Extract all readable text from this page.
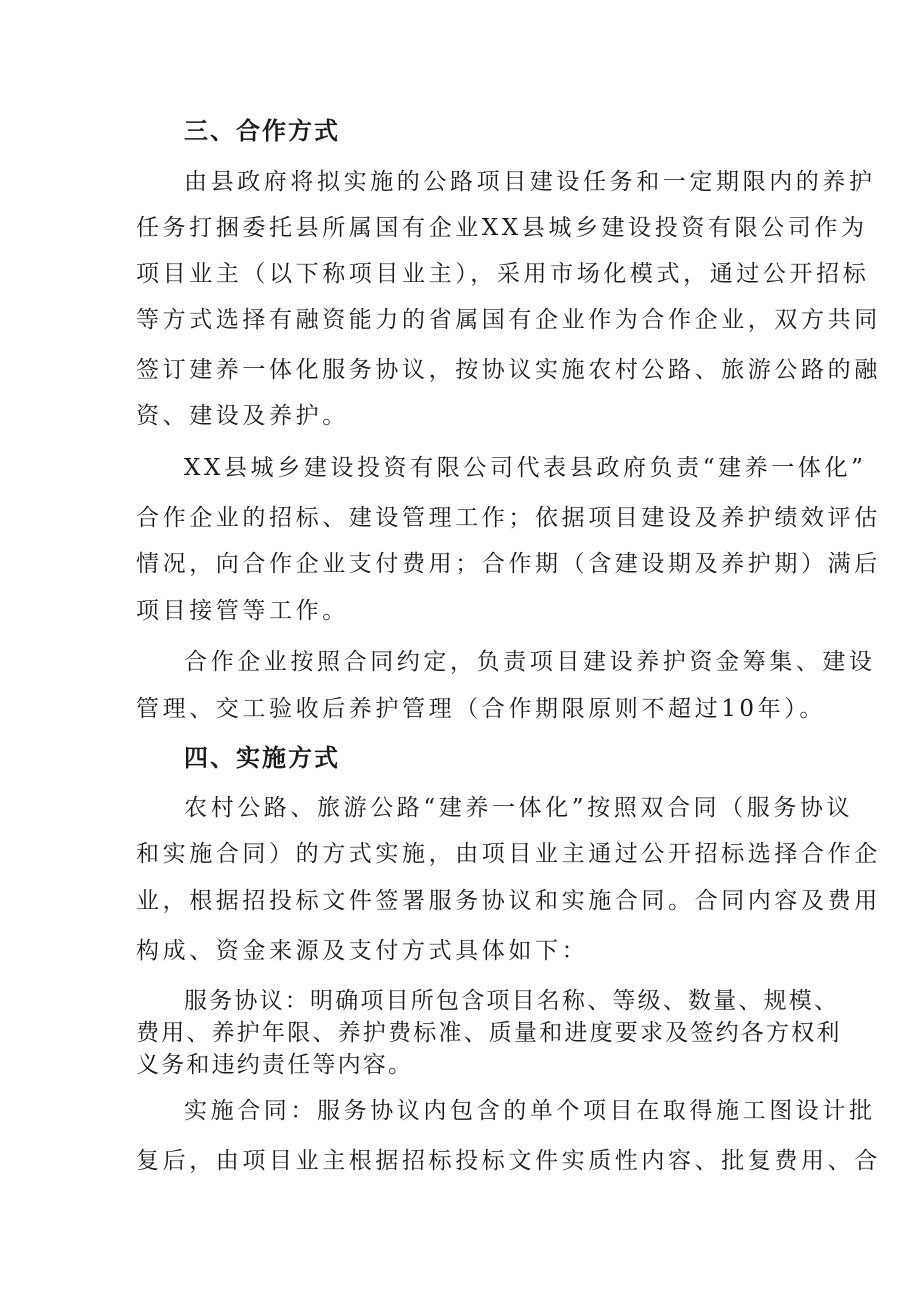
三、合作方式
由县政府将拟实施的公路项目建设任务和一定期限内的养护
任务打捆委托县所属国有企业XX县城乡建设投资有限公司作为
项目业主（以下称项目业主），采用市场化模式，通过公开招标
等方式选择有融资能力的省属国有企业作为合作企业，双方共同
签订建养一体化服务协议，按协议实施农村公路、旅游公路的融
资、建设及养护。
XX县城乡建设投资有限公司代表县政府负责“建养一体化”
合作企业的招标、建设管理工作；依据项目建设及养护绩效评估
情况，向合作企业支付费用；合作期（含建设期及养护期）满后
项目接管等工作。
合作企业按照合同约定，负责项目建设养护资金筹集、建设
管理、交工验收后养护管理（合作期限原则不超过10年）。
四、实施方式
农村公路、旅游公路“建养一体化”按照双合同（服务协议
和实施合同）的方式实施，由项目业主通过公开招标选择合作企
业，根据招投标文件签署服务协议和实施合同。合同内容及费用
构成、资金来源及支付方式具体如下：
服务协议：明确项目所包含项目名称、等级、数量、规模、
费用、养护年限、养护费标准、质量和进度要求及签约各方权利
义务和违约责任等内容。
实施合同：服务协议内包含的单个项目在取得施工图设计批
复后，由项目业主根据招标投标文件实质性内容、批复费用、合
